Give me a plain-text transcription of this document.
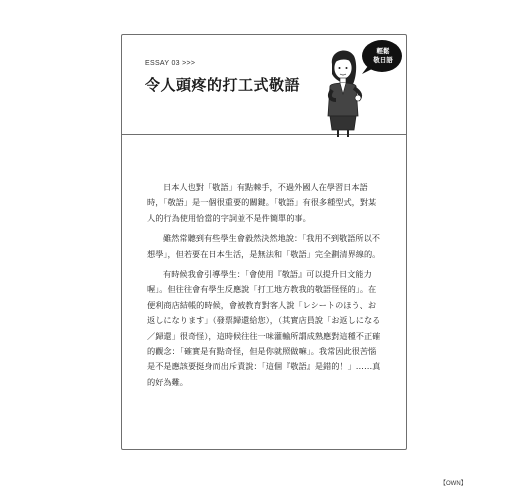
ESSAY 03 >>>
令人頭疼的打工式敬語
輕鬆
敬日語

日本人也對「敬語」有點棘手，不過外國人在學習日本語時，「敬語」是一個很重要的關鍵。「敬語」有很多種型式，對某人的行為使用恰當的字詞並不是件簡單的事。

雖然常聽到有些學生會毅然決然地說：「我用不到敬語所以不想學」，但若要在日本生活，是無法和「敬語」完全劃清界線的。

有時候我會引導學生：「會使用『敬語』可以提升日文能力喔」。但往往會有學生反應說「打工地方教我的敬語怪怪的」。在便利商店結帳的時候，會被教育對客人說「レシートのほう、お返しになります」（發票歸還給您），（其實店員說「お返しになる／歸還」很奇怪），這時候往往一味灌輸所謂成熟應對這種不正確的觀念：「確實是有點奇怪，但是你就照做嘛」。我常因此很苦惱是不是應該要挺身而出斥責說：「這個『敬語』是錯的！」……真的好為難。

【OWN】
